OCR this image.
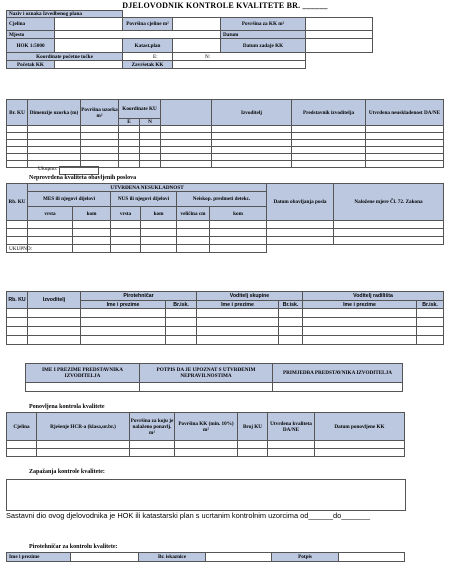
DJELOVODNIK KONTROLE KVALITETE BR. ______
Naziv i oznaka Izvedbenog plana	
Cjelina		Površina cjeline m²		Površina za KK m²
Mjesto				Datum
HOK 1:5000		Katast.plan		Datum zadaje KK
Koordinate početne točke		E:	N:	
Početak KK		Završetak KK		

Br. KU	Dimenzije uzorka (m)	Površina uzorka m²	Koordinate KU			Izvoditelj	Predstavnik izvoditelja	Utvrđena neusklađenost DA/NE
			E	N				

Ukupno:
Neprovrđena kvaliteta obavljenih poslova
Rb. KU	UTVRĐENA NESUKLADNOST						Datum obavljanja posla	Naložene mjere Čl. 72. Zakona
	MES ili njegovi dijelovi		NUS ili njegovi dijelovi		Neiskop. predmeti detekc.			
	vrsta	kom	vrsta	kom	veličina cm	kom		

UKUPNO:								
Rb. KU	Izvoditelj	Pirotehničar		Voditelj skupine		Voditelj radilišta	
		Ime i prezime	Br.isk.	Ime i prezime	Br.isk.	Ime i prezime	Br.isk.

IME I PREZIME PREDSTAVNIKA IZVODITELJA	POTPIS DA JE UPOZNAT S UTVRĐENIM NEPRAVILNOSTIMA	PRIMJEDBA PREDSTAVNIKA IZVODITELJA

Ponovljena kontrola kvalitete
Cjelina	Rješenje HCR-a (klasa,ur.br.)	Površina za koju je nalaženo ponavlj. m²	Površina KK (min. 10%) m²	Broj KU	Utvrđena kvaliteta DA/NE	Datum ponovljene KK

Zapažanja kontrole kvalitete:
Sastavni dio ovog djelovodnika je HOK ili katastarski plan s ucrtanim kontrolnim uzorcima od______do_______
Pirotehničar za kontrolu kvalitete:
Ime i prezime		Br. iskaznice		Potpis	
